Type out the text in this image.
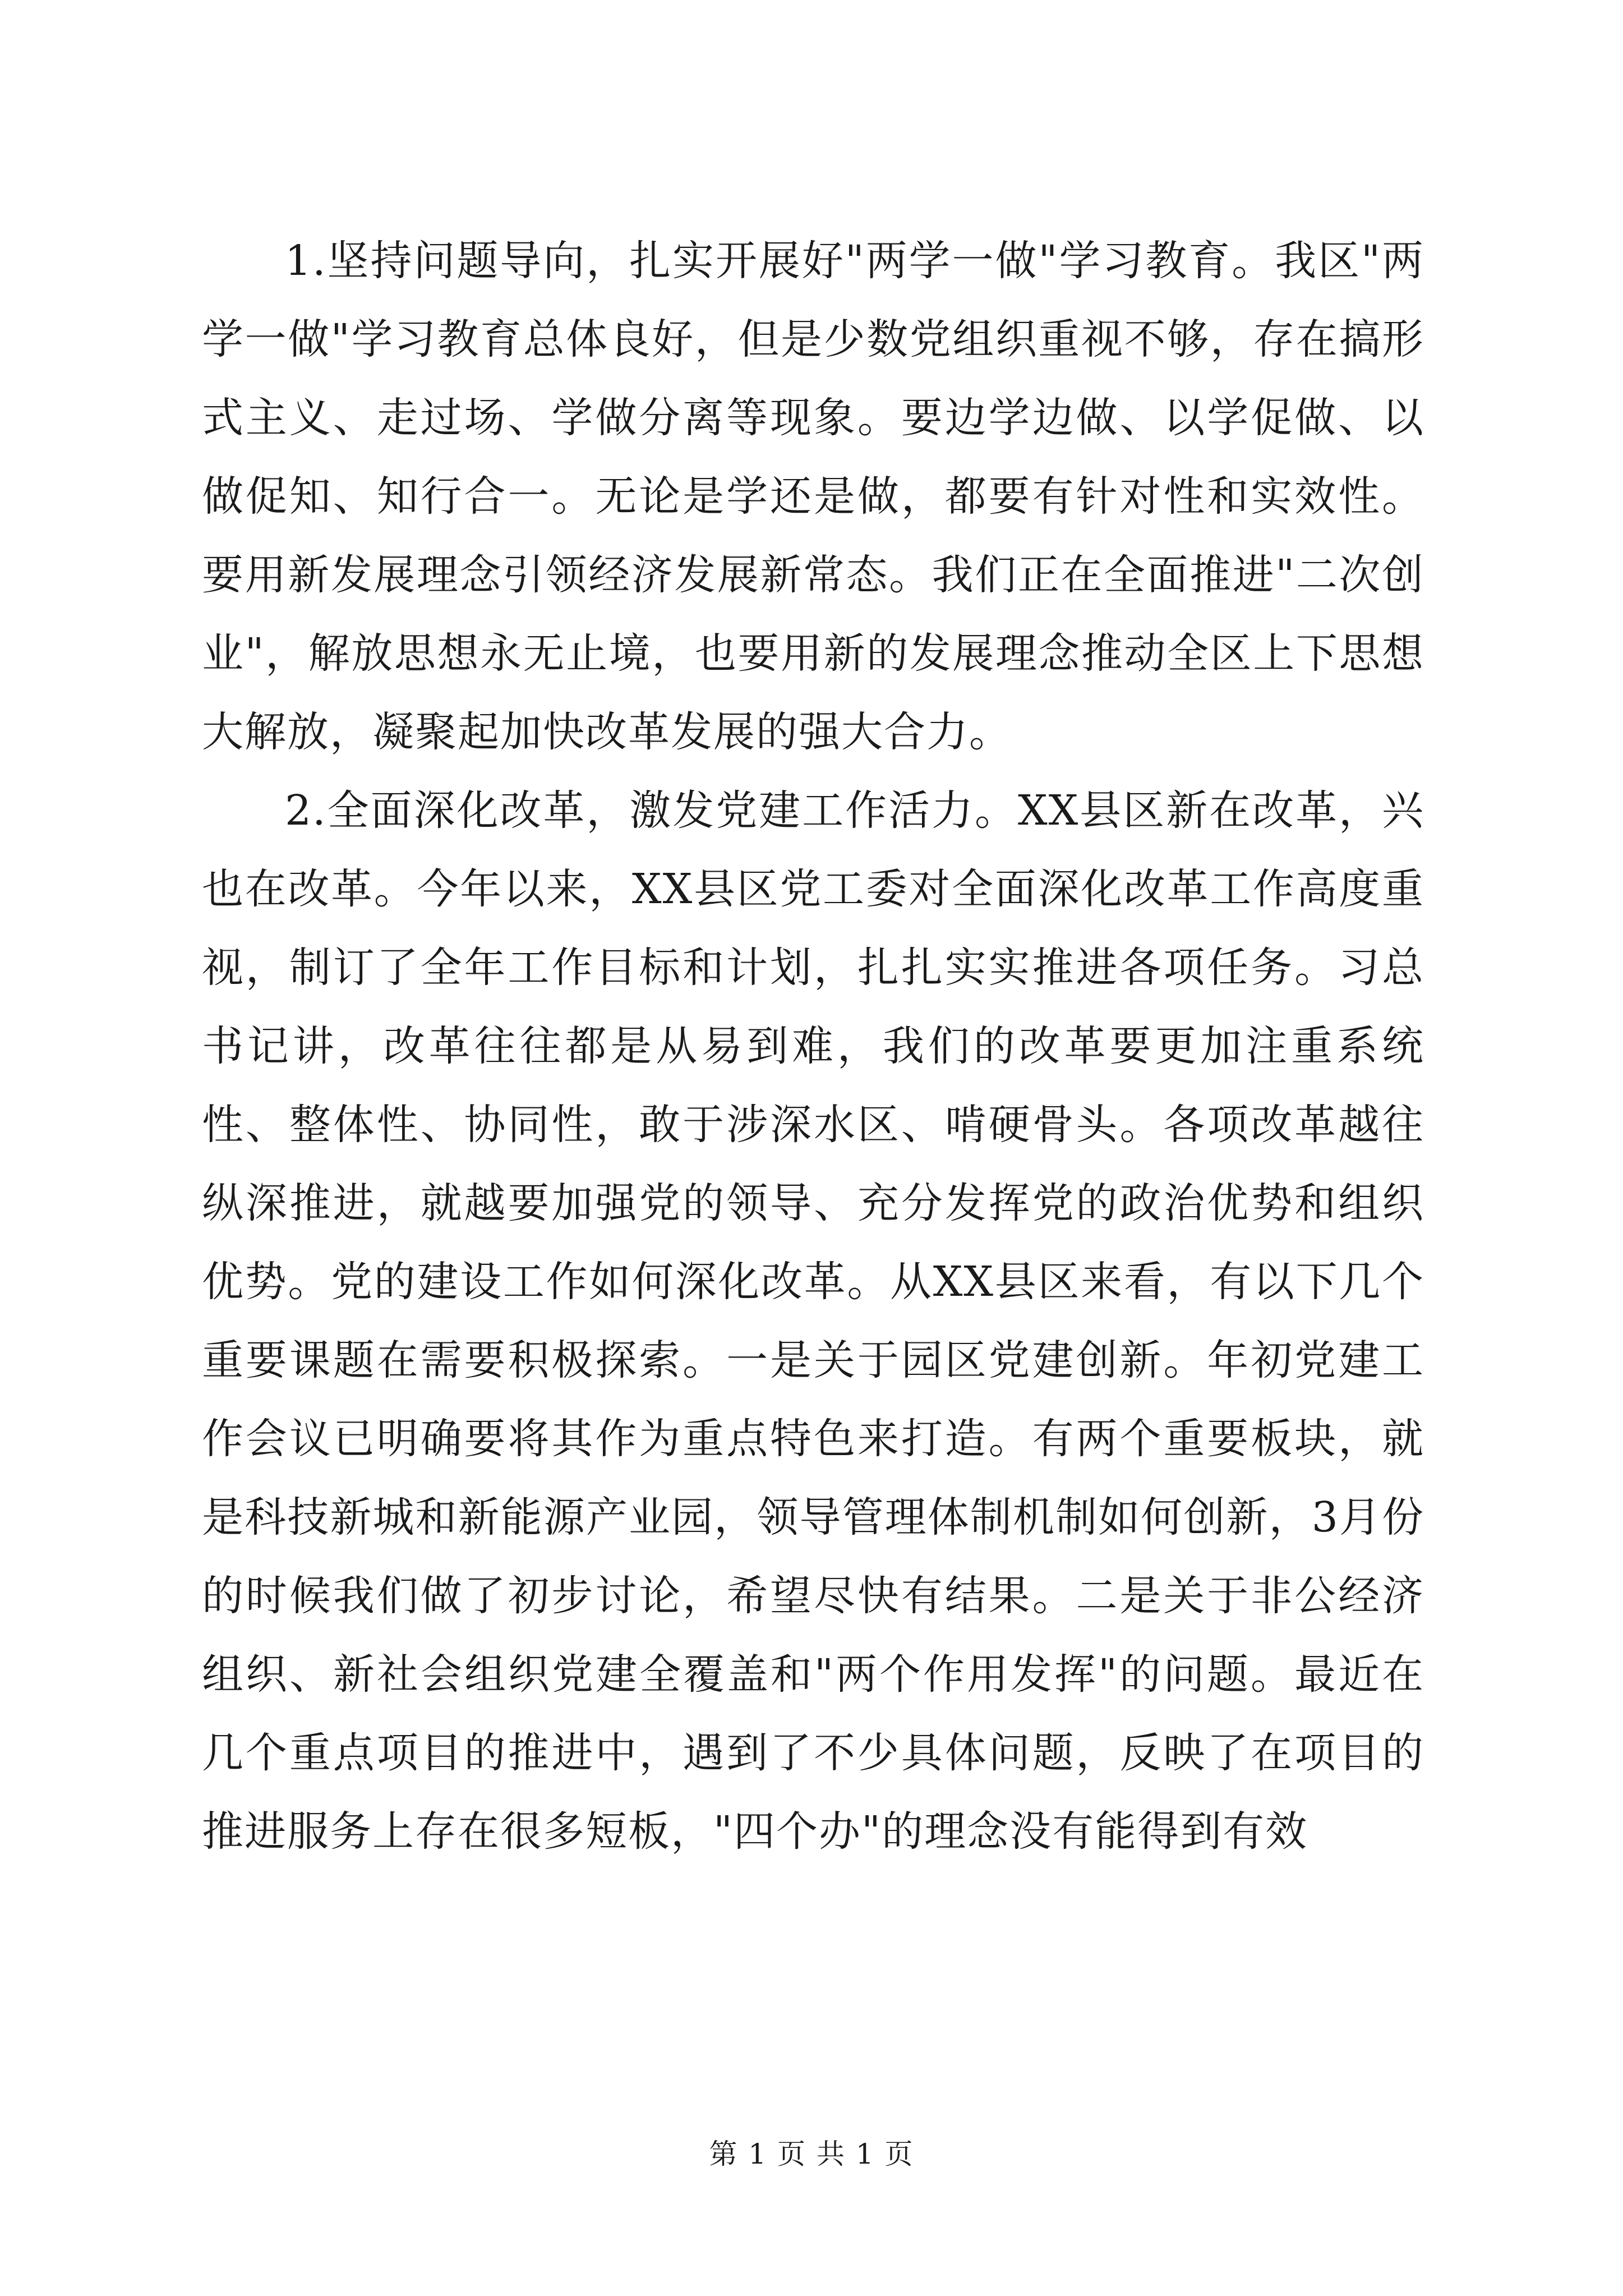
1.坚持问题导向，扎实开展好"两学一做"学习教育。我区"两学一做"学习教育总体良好，但是少数党组织重视不够，存在搞形式主义、走过场、学做分离等现象。要边学边做、以学促做、以做促知、知行合一。无论是学还是做，都要有针对性和实效性。要用新发展理念引领经济发展新常态。我们正在全面推进"二次创业"，解放思想永无止境，也要用新的发展理念推动全区上下思想大解放，凝聚起加快改革发展的强大合力。

2.全面深化改革，激发党建工作活力。XX县区新在改革，兴也在改革。今年以来，XX县区党工委对全面深化改革工作高度重视，制订了全年工作目标和计划，扎扎实实推进各项任务。习总书记讲，改革往往都是从易到难，我们的改革要更加注重系统性、整体性、协同性，敢于涉深水区、啃硬骨头。各项改革越往纵深推进，就越要加强党的领导、充分发挥党的政治优势和组织优势。党的建设工作如何深化改革。从XX县区来看，有以下几个重要课题在需要积极探索。一是关于园区党建创新。年初党建工作会议已明确要将其作为重点特色来打造。有两个重要板块，就是科技新城和新能源产业园，领导管理体制机制如何创新，3月份的时候我们做了初步讨论，希望尽快有结果。二是关于非公经济组织、新社会组织党建全覆盖和"两个作用发挥"的问题。最近在几个重点项目的推进中，遇到了不少具体问题，反映了在项目的推进服务上存在很多短板，"四个办"的理念没有能得到有效

第 1 页 共 1 页
